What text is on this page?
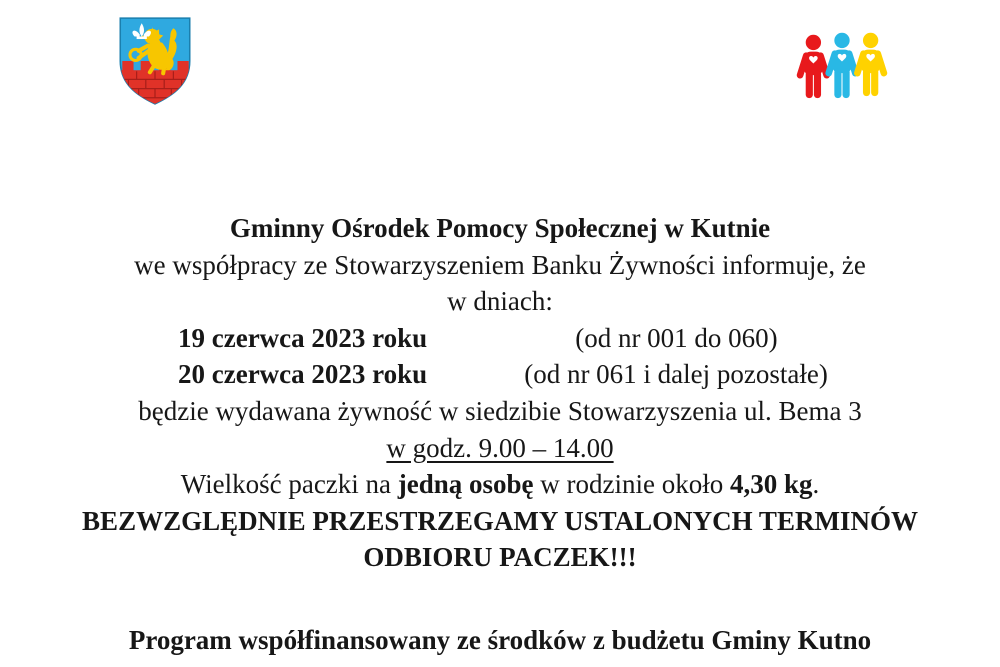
Gminny Ośrodek Pomocy Społecznej w Kutnie
we współpracy ze Stowarzyszeniem Banku Żywności informuje, że
w dniach:
19 czerwca 2023 roku	(od nr 001 do 060)
20 czerwca 2023 roku	(od nr 061 i dalej pozostałe)
będzie wydawana żywność w siedzibie Stowarzyszenia ul. Bema 3
w godz. 9.00 – 14.00
Wielkość paczki na jedną osobę w rodzinie około 4,30 kg.
BEZWZGLĘDNIE PRZESTRZEGAMY USTALONYCH TERMINÓW
ODBIORU PACZEK!!!
Program współfinansowany ze środków z budżetu Gminy Kutno
